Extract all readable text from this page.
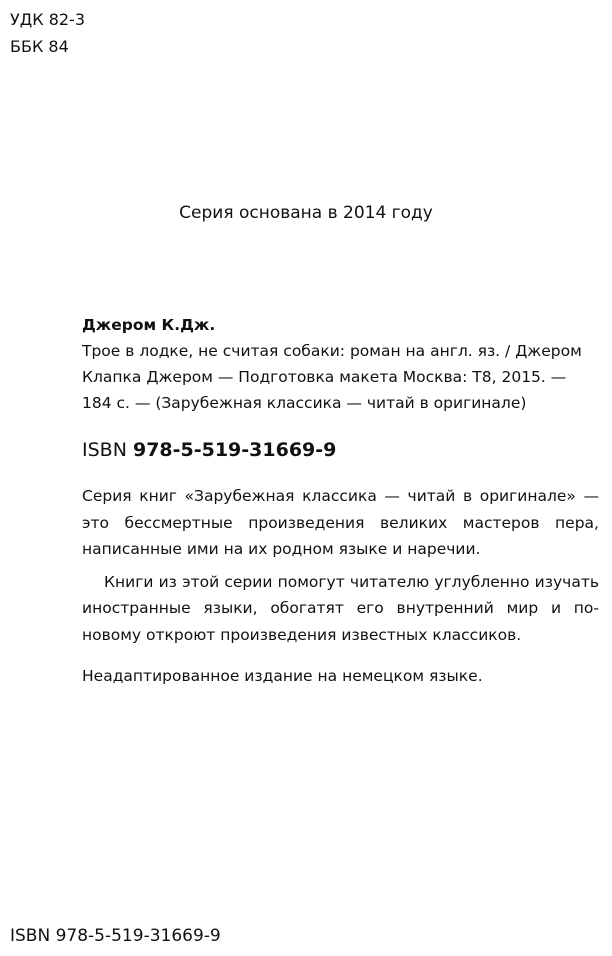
УДК 82-3
ББК 84
Серия основана в 2014 году
Джером К.Дж.
Трое в лодке, не считая собаки: роман на англ. яз. / Джером
Клапка Джером — Подготовка макета Москва: Т8, 2015. —
184 с. — (Зарубежная классика — читай в оригинале)
ISBN 978-5-519-31669-9

Серия книг «Зарубежная классика — читай в оригинале» — это бессмертные произведения великих мастеров пера, написанные ими на их родном языке и наречии.

Книги из этой серии помогут читателю углубленно изучать иностранные языки, обогатят его внутренний мир и по-новому откроют произведения известных классиков.

Неадаптированное издание на немецком языке.
ISBN 978-5-519-31669-9
